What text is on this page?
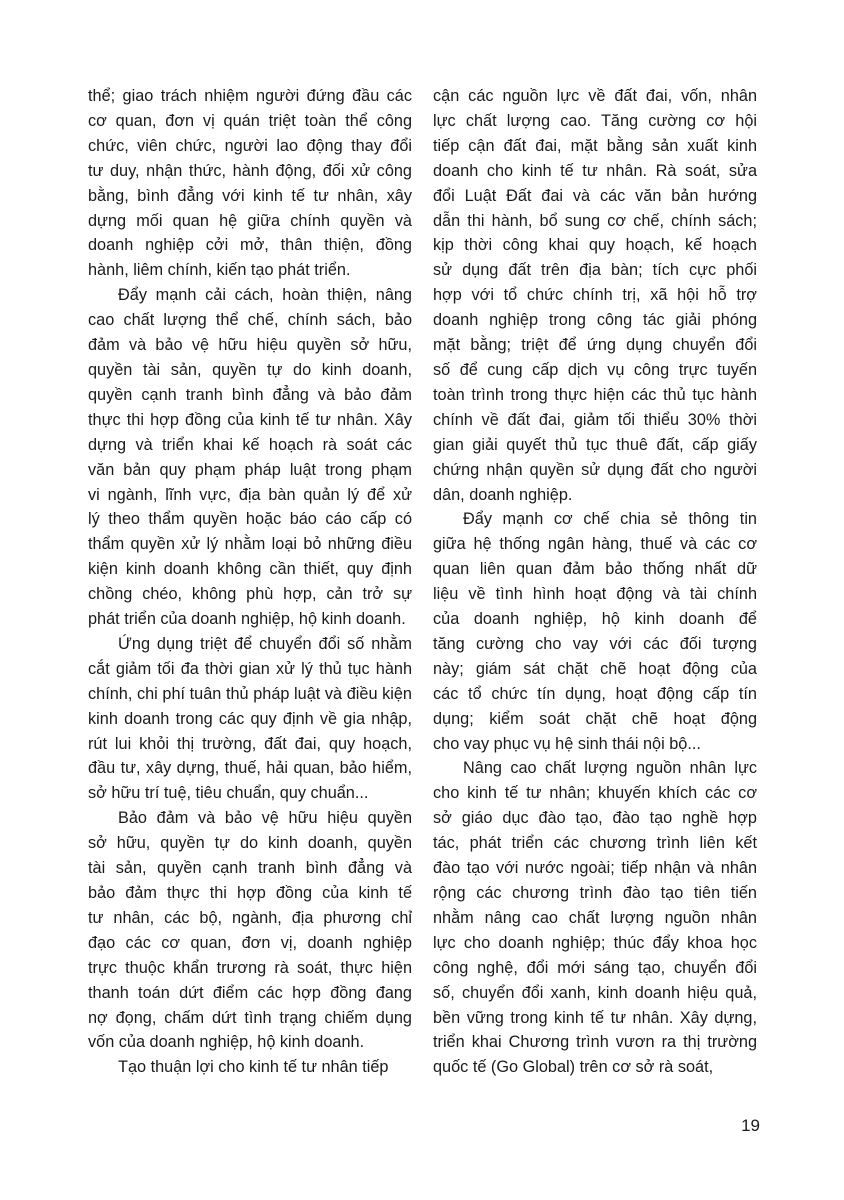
thể; giao trách nhiệm người đứng đầu các
cơ quan, đơn vị quán triệt toàn thể công
chức, viên chức, người lao động thay đổi
tư duy, nhận thức, hành động, đối xử công
bằng, bình đẳng với kinh tế tư nhân, xây
dựng mối quan hệ giữa chính quyền và
doanh nghiệp cởi mở, thân thiện, đồng
hành, liêm chính, kiến tạo phát triển.
Đẩy mạnh cải cách, hoàn thiện, nâng
cao chất lượng thể chế, chính sách, bảo
đảm và bảo vệ hữu hiệu quyền sở hữu,
quyền tài sản, quyền tự do kinh doanh,
quyền cạnh tranh bình đẳng và bảo đảm
thực thi hợp đồng của kinh tế tư nhân. Xây
dựng và triển khai kế hoạch rà soát các
văn bản quy phạm pháp luật trong phạm
vi ngành, lĩnh vực, địa bàn quản lý để xử
lý theo thẩm quyền hoặc báo cáo cấp có
thẩm quyền xử lý nhằm loại bỏ những điều
kiện kinh doanh không cần thiết, quy định
chồng chéo, không phù hợp, cản trở sự
phát triển của doanh nghiệp, hộ kinh doanh.
Ứng dụng triệt để chuyển đổi số nhằm
cắt giảm tối đa thời gian xử lý thủ tục hành
chính, chi phí tuân thủ pháp luật và điều kiện
kinh doanh trong các quy định về gia nhập,
rút lui khỏi thị trường, đất đai, quy hoạch,
đầu tư, xây dựng, thuế, hải quan, bảo hiểm,
sở hữu trí tuệ, tiêu chuẩn, quy chuẩn...
Bảo đảm và bảo vệ hữu hiệu quyền
sở hữu, quyền tự do kinh doanh, quyền
tài sản, quyền cạnh tranh bình đẳng và
bảo đảm thực thi hợp đồng của kinh tế
tư nhân, các bộ, ngành, địa phương chỉ
đạo các cơ quan, đơn vị, doanh nghiệp
trực thuộc khẩn trương rà soát, thực hiện
thanh toán dứt điểm các hợp đồng đang
nợ đọng, chấm dứt tình trạng chiếm dụng
vốn của doanh nghiệp, hộ kinh doanh.
Tạo thuận lợi cho kinh tế tư nhân tiếp
cận các nguồn lực về đất đai, vốn, nhân
lực chất lượng cao. Tăng cường cơ hội
tiếp cận đất đai, mặt bằng sản xuất kinh
doanh cho kinh tế tư nhân. Rà soát, sửa
đổi Luật Đất đai và các văn bản hướng
dẫn thi hành, bổ sung cơ chế, chính sách;
kịp thời công khai quy hoạch, kế hoạch
sử dụng đất trên địa bàn; tích cực phối
hợp với tổ chức chính trị, xã hội hỗ trợ
doanh nghiệp trong công tác giải phóng
mặt bằng; triệt để ứng dụng chuyển đổi
số để cung cấp dịch vụ công trực tuyến
toàn trình trong thực hiện các thủ tục hành
chính về đất đai, giảm tối thiểu 30% thời
gian giải quyết thủ tục thuê đất, cấp giấy
chứng nhận quyền sử dụng đất cho người
dân, doanh nghiệp.
Đẩy mạnh cơ chế chia sẻ thông tin
giữa hệ thống ngân hàng, thuế và các cơ
quan liên quan đảm bảo thống nhất dữ
liệu về tình hình hoạt động và tài chính
của doanh nghiệp, hộ kinh doanh để
tăng cường cho vay với các đối tượng
này; giám sát chặt chẽ hoạt động của
các tổ chức tín dụng, hoạt động cấp tín
dụng; kiểm soát chặt chẽ hoạt động
cho vay phục vụ hệ sinh thái nội bộ...
Nâng cao chất lượng nguồn nhân lực
cho kinh tế tư nhân; khuyến khích các cơ
sở giáo dục đào tạo, đào tạo nghề hợp
tác, phát triển các chương trình liên kết
đào tạo với nước ngoài; tiếp nhận và nhân
rộng các chương trình đào tạo tiên tiến
nhằm nâng cao chất lượng nguồn nhân
lực cho doanh nghiệp; thúc đẩy khoa học
công nghệ, đổi mới sáng tạo, chuyển đổi
số, chuyển đổi xanh, kinh doanh hiệu quả,
bền vững trong kinh tế tư nhân. Xây dựng,
triển khai Chương trình vươn ra thị trường
quốc tế (Go Global) trên cơ sở rà soát,
19
